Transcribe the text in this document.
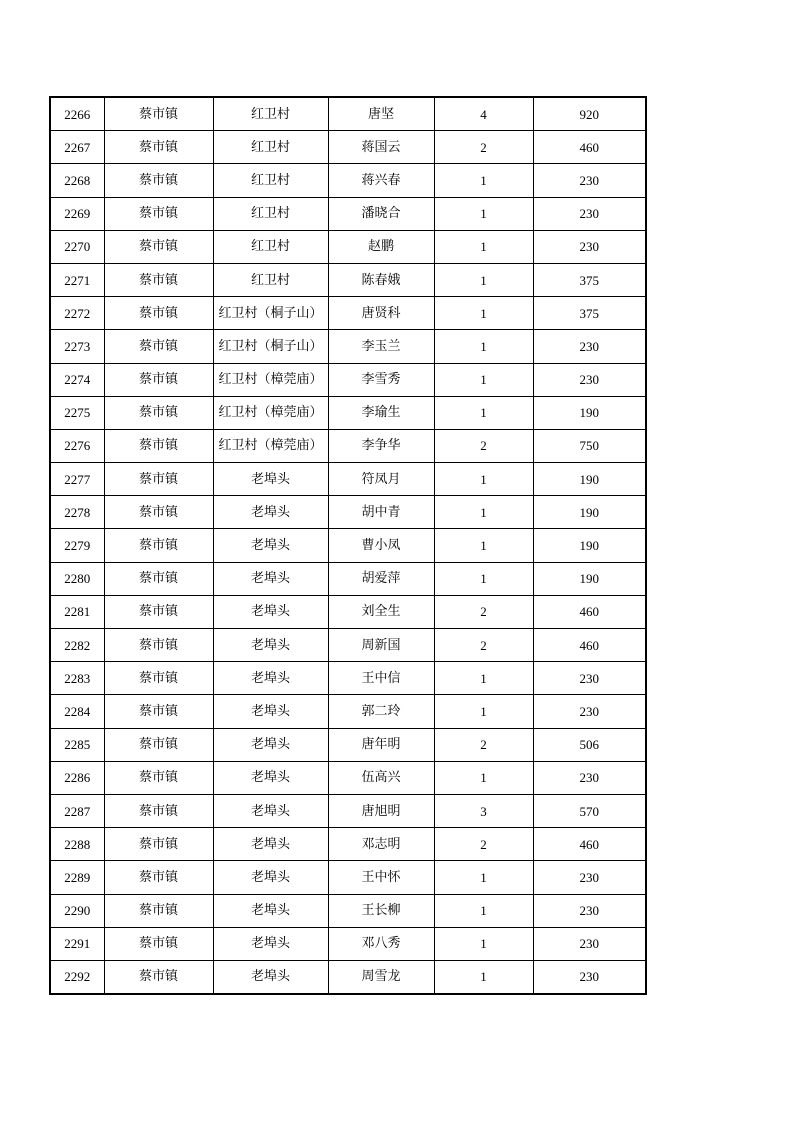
2266	蔡市镇	红卫村	唐坚	4	920
2267	蔡市镇	红卫村	蒋国云	2	460
2268	蔡市镇	红卫村	蒋兴春	1	230
2269	蔡市镇	红卫村	潘晓合	1	230
2270	蔡市镇	红卫村	赵鹏	1	230
2271	蔡市镇	红卫村	陈春娥	1	375
2272	蔡市镇	红卫村（桐子山）	唐贤科	1	375
2273	蔡市镇	红卫村（桐子山）	李玉兰	1	230
2274	蔡市镇	红卫村（樟莞庙）	李雪秀	1	230
2275	蔡市镇	红卫村（樟莞庙）	李瑜生	1	190
2276	蔡市镇	红卫村（樟莞庙）	李争华	2	750
2277	蔡市镇	老埠头	符凤月	1	190
2278	蔡市镇	老埠头	胡中青	1	190
2279	蔡市镇	老埠头	曹小凤	1	190
2280	蔡市镇	老埠头	胡爱萍	1	190
2281	蔡市镇	老埠头	刘全生	2	460
2282	蔡市镇	老埠头	周新国	2	460
2283	蔡市镇	老埠头	王中信	1	230
2284	蔡市镇	老埠头	郭二玲	1	230
2285	蔡市镇	老埠头	唐年明	2	506
2286	蔡市镇	老埠头	伍高兴	1	230
2287	蔡市镇	老埠头	唐旭明	3	570
2288	蔡市镇	老埠头	邓志明	2	460
2289	蔡市镇	老埠头	王中怀	1	230
2290	蔡市镇	老埠头	王长柳	1	230
2291	蔡市镇	老埠头	邓八秀	1	230
2292	蔡市镇	老埠头	周雪龙	1	230
